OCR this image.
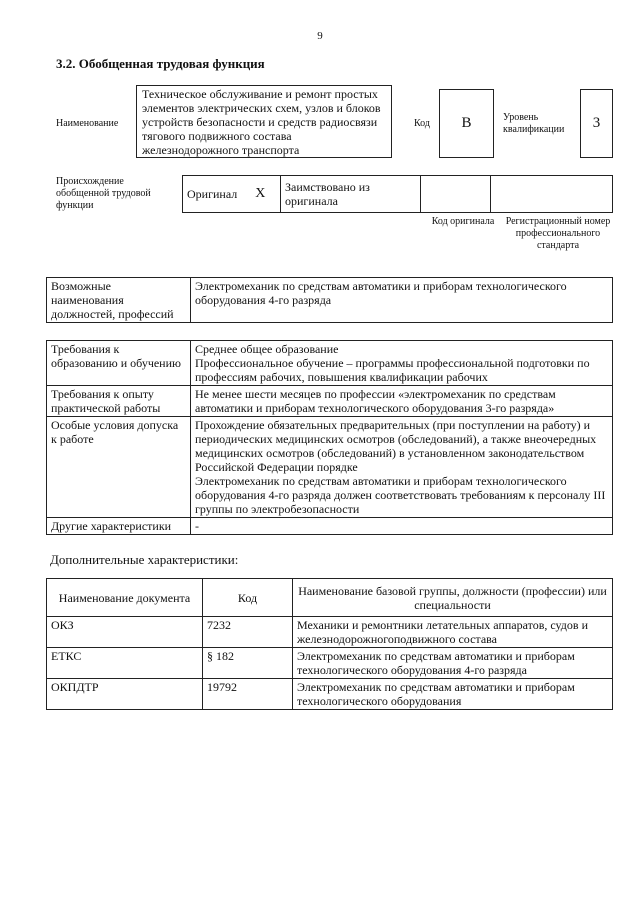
9
3.2. Обобщенная трудовая функция
Наименование
Техническое обслуживание и ремонт простых элементов электрических схем, узлов и блоков устройств безопасности и средств радиосвязи тягового подвижного состава железнодорожного транспорта
Код В	Уровень квалификации	3
Происхождение обобщенной трудовой функции
Оригинал	Х	Заимствовано из оригинала		
Код оригинала	Регистрационный номер профессионального стандарта
Возможные наименования должностей, профессий	Электромеханик по средствам автоматики и приборам технологического оборудования 4-го разряда
Требования к образованию и обучению	Среднее общее образование
Профессиональное обучение – программы профессиональной подготовки по профессиям рабочих, повышения квалификации рабочих

Требования к опыту практической работы	Не менее шести месяцев по профессии «электромеханик по средствам автоматики и приборам технологического оборудования 3-го разряда»

Особые условия допуска к работе	Прохождение обязательных предварительных (при поступлении на работу) и периодических медицинских осмотров (обследований), а также внеочередных медицинских осмотров (обследований) в установленном законодательством Российской Федерации порядке
Электромеханик по средствам автоматики и приборам технологического оборудования 4-го разряда должен соответствовать требованиям к персоналу III группы по электробезопасности

Другие характеристики	-
Дополнительные характеристики:
Наименование документа	Код	Наименование базовой группы, должности (профессии) или специальности
ОКЗ	7232	Механики и ремонтники летательных аппаратов, судов и железнодорожногоподвижного состава
ЕТКС	§ 182	Электромеханик по средствам автоматики и приборам технологического оборудования 4-го разряда
ОКПДТР	19792	Электромеханик по средствам автоматики и приборам технологического оборудования
